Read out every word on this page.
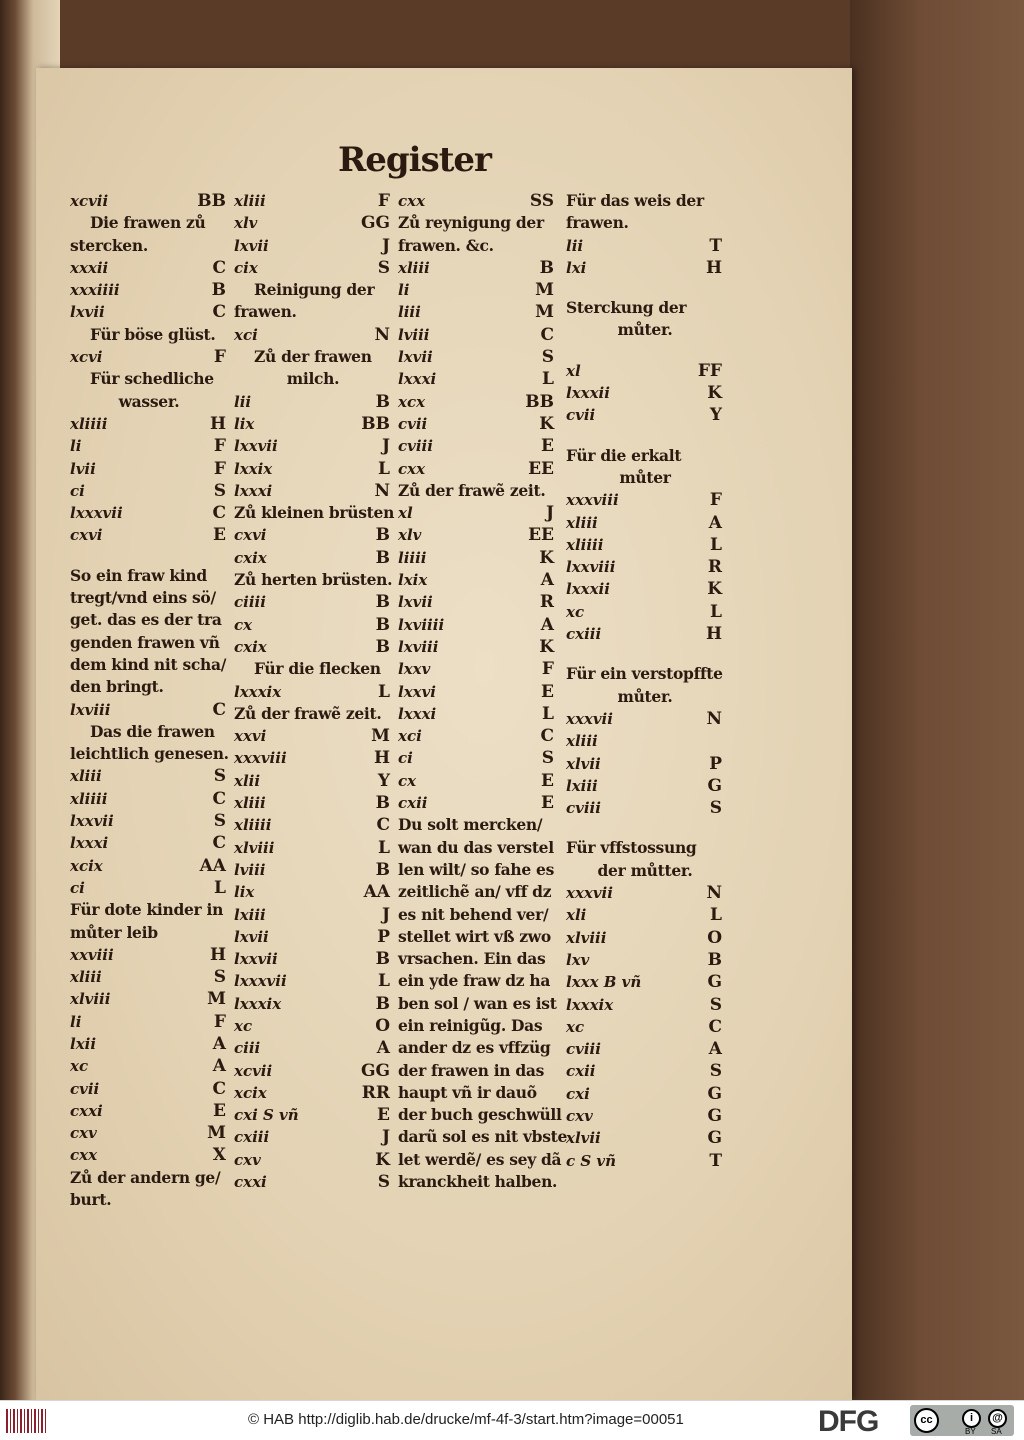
Register
xcvii	BB
Die frawen zů
stercken.
xxxii	C
xxxiiii	B
lxvii	C
Für böse glüst.
xcvi	F
Für schedliche
wasser.
xliiii	H
li	F
lvii	F
ci	S
lxxxvii	C
cxvi	E
So ein fraw kind
tregt/vnd eins sö/
get. das es der tra
genden frawen vñ
dem kind nit scha/
den bringt.
lxviii	C
Das die frawen
leichtlich genesen.
xliii	S
xliiii	C
lxxvii	S
lxxxi	C
xcix	AA
ci	L
Für dote kinder in
můter leib
xxviii	H
xliii	S
xlviii	M
li	F
lxii	A
xc	A
cvii	C
cxxi	E
cxv	M
cxx	X
Zů der andern ge/
burt.
xliii	F
xlv	GG
lxvii	J
cix	S
Reinigung der
frawen.
xci	N
Zů der frawen
milch.
lii	B
lix	BB
lxxvii	J
lxxix	L
lxxxi	N
Zů kleinen brüsten
cxvi	B
cxix	B
Zů herten brüsten.
ciiii	B
cx	B
cxix	B
Für die flecken
lxxxix	L
Zů der frawẽ zeit.
xxvi	M
xxxviii	H
xlii	Y
xliii	B
xliiii	C
xlviii	L
lviii	B
lix	AA
lxiii	J
lxvii	P
lxxvii	B
lxxxvii	L
lxxxix	B
xc	O
ciii	A
xcvii	GG
xcix	RR
cxi S vñ	E
cxiii	J
cxv	K
cxxi	S
cxx	SS
Zů reynigung der
frawen. &c.
xliii	B
li	M
liii	M
lviii	C
lxvii	S
lxxxi	L
xcx	BB
cvii	K
cviii	E
cxx	EE
Zů der frawẽ zeit.
xl	J
xlv	EE
liiii	K
lxix	A
lxvii	R
lxviiii	A
lxviii	K
lxxv	F
lxxvi	E
lxxxi	L
xci	C
ci	S
cx	E
cxii	E
Du solt mercken/
wan du das verstel
len wilt/ so fahe es
zeitlichẽ an/ vff dz
es nit behend ver/
stellet wirt vß zwo
vrsachen. Ein das
ein yde fraw dz ha
ben sol / wan es ist
ein reinigũg. Das
ander dz es vffzüg
der frawen in das
haupt vñ ir dauõ
der buch geschwüll
darũ sol es nit vbste
let werdẽ/ es sey dã
kranckheit halben.
Für das weis der
frawen.
lii	T
lxi	H
Sterckung der
můter.
xl	FF
lxxxii	K
cvii	Y
Für die erkalt
můter
xxxviii	F
xliii	A
xliiii	L
lxxviii	R
lxxxii	K
xc	L
cxiii	H
Für ein verstopffte
můter.
xxxvii	N
xliii
xlvii	P
lxiii	G
cviii	S
Für vffstossung
der můtter.
xxxvii	N
xli	L
xlviii	O
lxv	B
lxxx B vñ	G
lxxxix	S
xc	C
cviii	A
cxii	S
cxi	G
cxv	G
xlvii	G
c S vñ	T
© HAB http://diglib.hab.de/drucke/mf-4f-3/start.htm?image=00051	DFG	cc	i	@
BY SA
